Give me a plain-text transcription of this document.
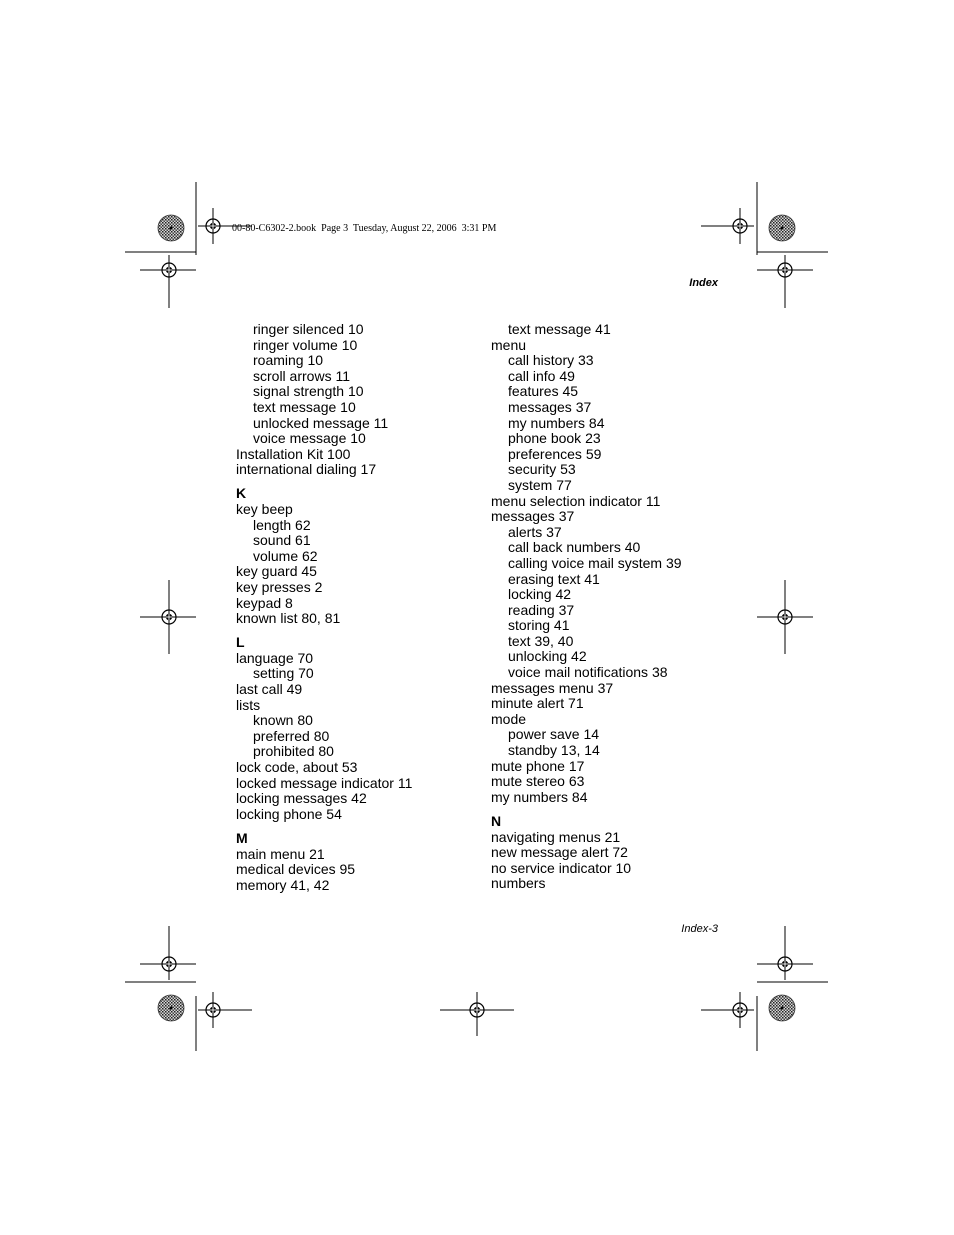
00-80-C6302-2.book  Page 3  Tuesday, August 22, 2006  3:31 PM
Index
ringer silenced 10
ringer volume 10
roaming 10
scroll arrows 11
signal strength 10
text message 10
unlocked message 11
voice message 10
Installation Kit 100
international dialing 17
K
key beep
length 62
sound 61
volume 62
key guard 45
key presses 2
keypad 8
known list 80, 81
L
language 70
setting 70
last call 49
lists
known 80
preferred 80
prohibited 80
lock code, about 53
locked message indicator 11
locking messages 42
locking phone 54
M
main menu 21
medical devices 95
memory 41, 42
text message 41
menu
call history 33
call info 49
features 45
messages 37
my numbers 84
phone book 23
preferences 59
security 53
system 77
menu selection indicator 11
messages 37
alerts 37
call back numbers 40
calling voice mail system 39
erasing text 41
locking 42
reading 37
storing 41
text 39, 40
unlocking 42
voice mail notifications 38
messages menu 37
minute alert 71
mode
power save 14
standby 13, 14
mute phone 17
mute stereo 63
my numbers 84
N
navigating menus 21
new message alert 72
no service indicator 10
numbers
Index-3
